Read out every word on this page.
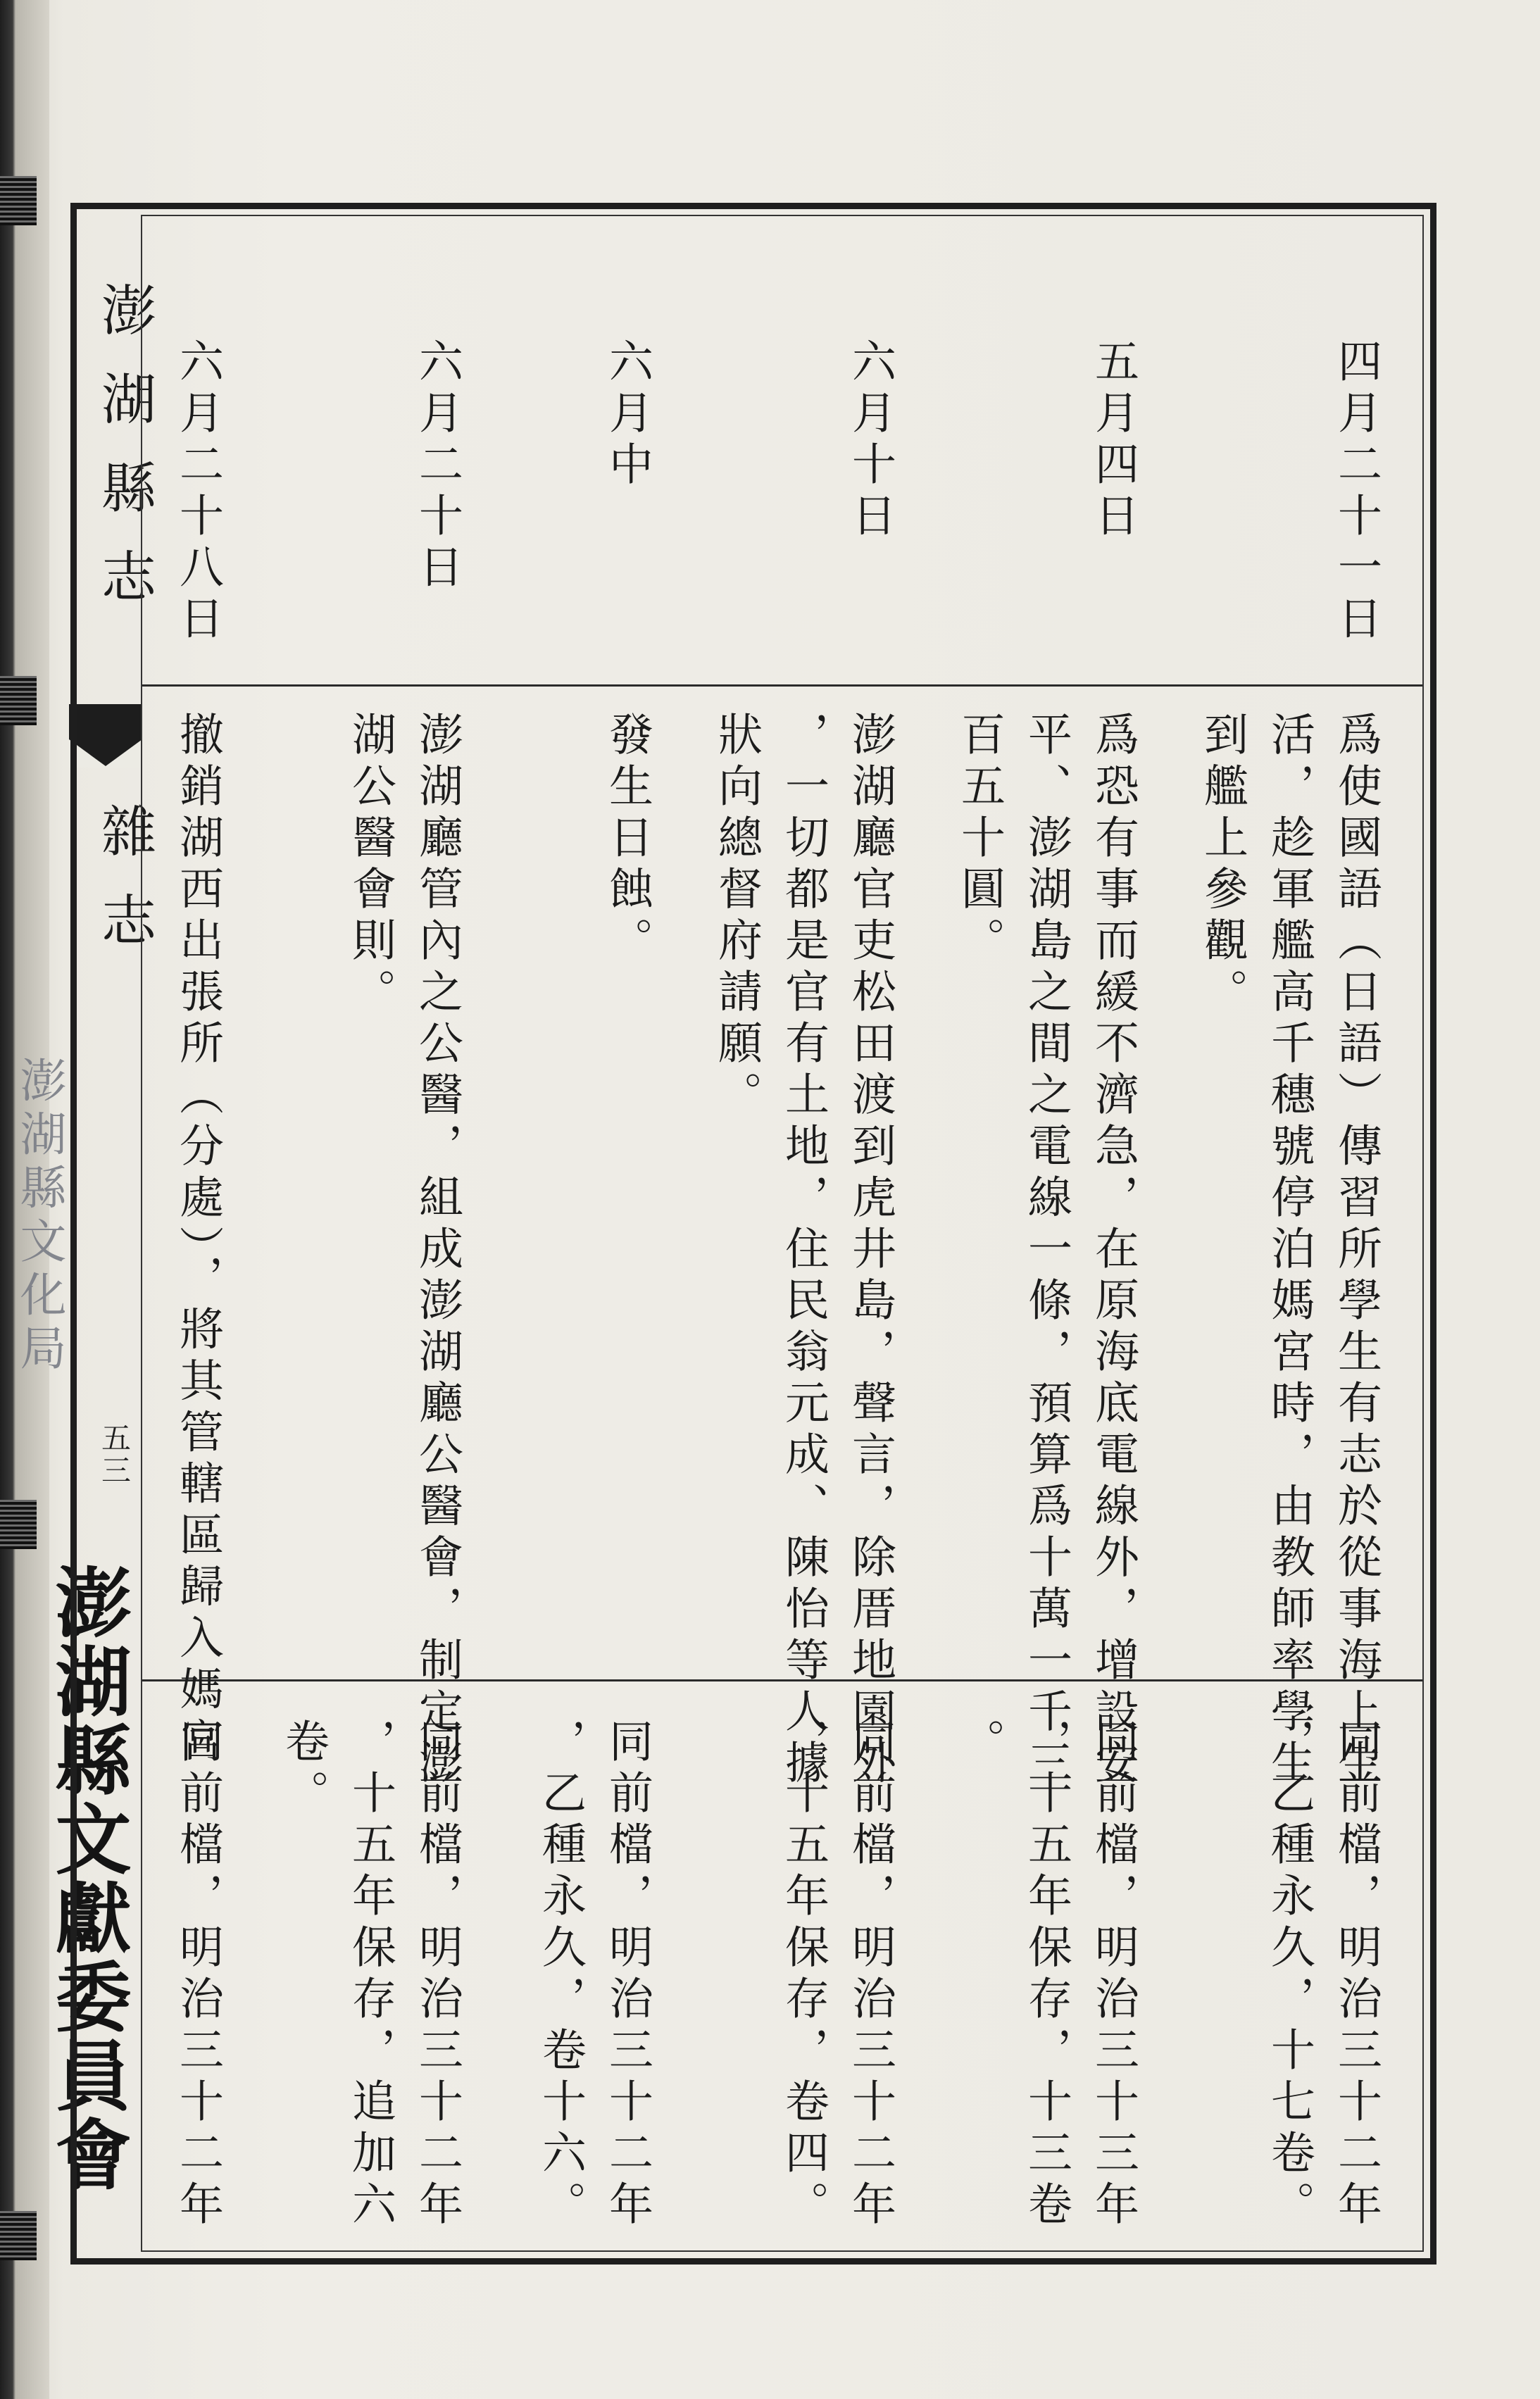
澎湖縣志
雜志
五三
澎湖縣文化局
澎湖縣文獻委員會
四月二十一日
爲使國語（日語）傳習所學生有志於從事海上生
活，趁軍艦高千穗號停泊媽宮時，由教師率學生
到艦上參觀。
同前檔，明治三十二年
，乙種永久，十七卷。
五月四日
爲恐有事而緩不濟急，在原海底電線外，增設安
平、澎湖島之間之電線一條，預算爲十萬一千三
百五十圓。
同前檔，明治三十三年
，十五年保存，十三卷
。
六月十日
澎湖廳官吏松田渡到虎井島，聲言，除厝地園外
，一切都是官有土地，住民翁元成、陳怡等人據
狀向總督府請願。
同前檔，明治三十二年
，十五年保存，卷四。
六月中
發生日蝕。
同前檔，明治三十二年
，乙種永久，卷十六。
六月二十日
澎湖廳管內之公醫，組成澎湖廳公醫會，制定澎
湖公醫會則。
同前檔，明治三十二年
，十五年保存，追加六
卷。
六月二十八日
撤銷湖西出張所（分處），將其管轄區歸入媽宮
同前檔，明治三十二年
